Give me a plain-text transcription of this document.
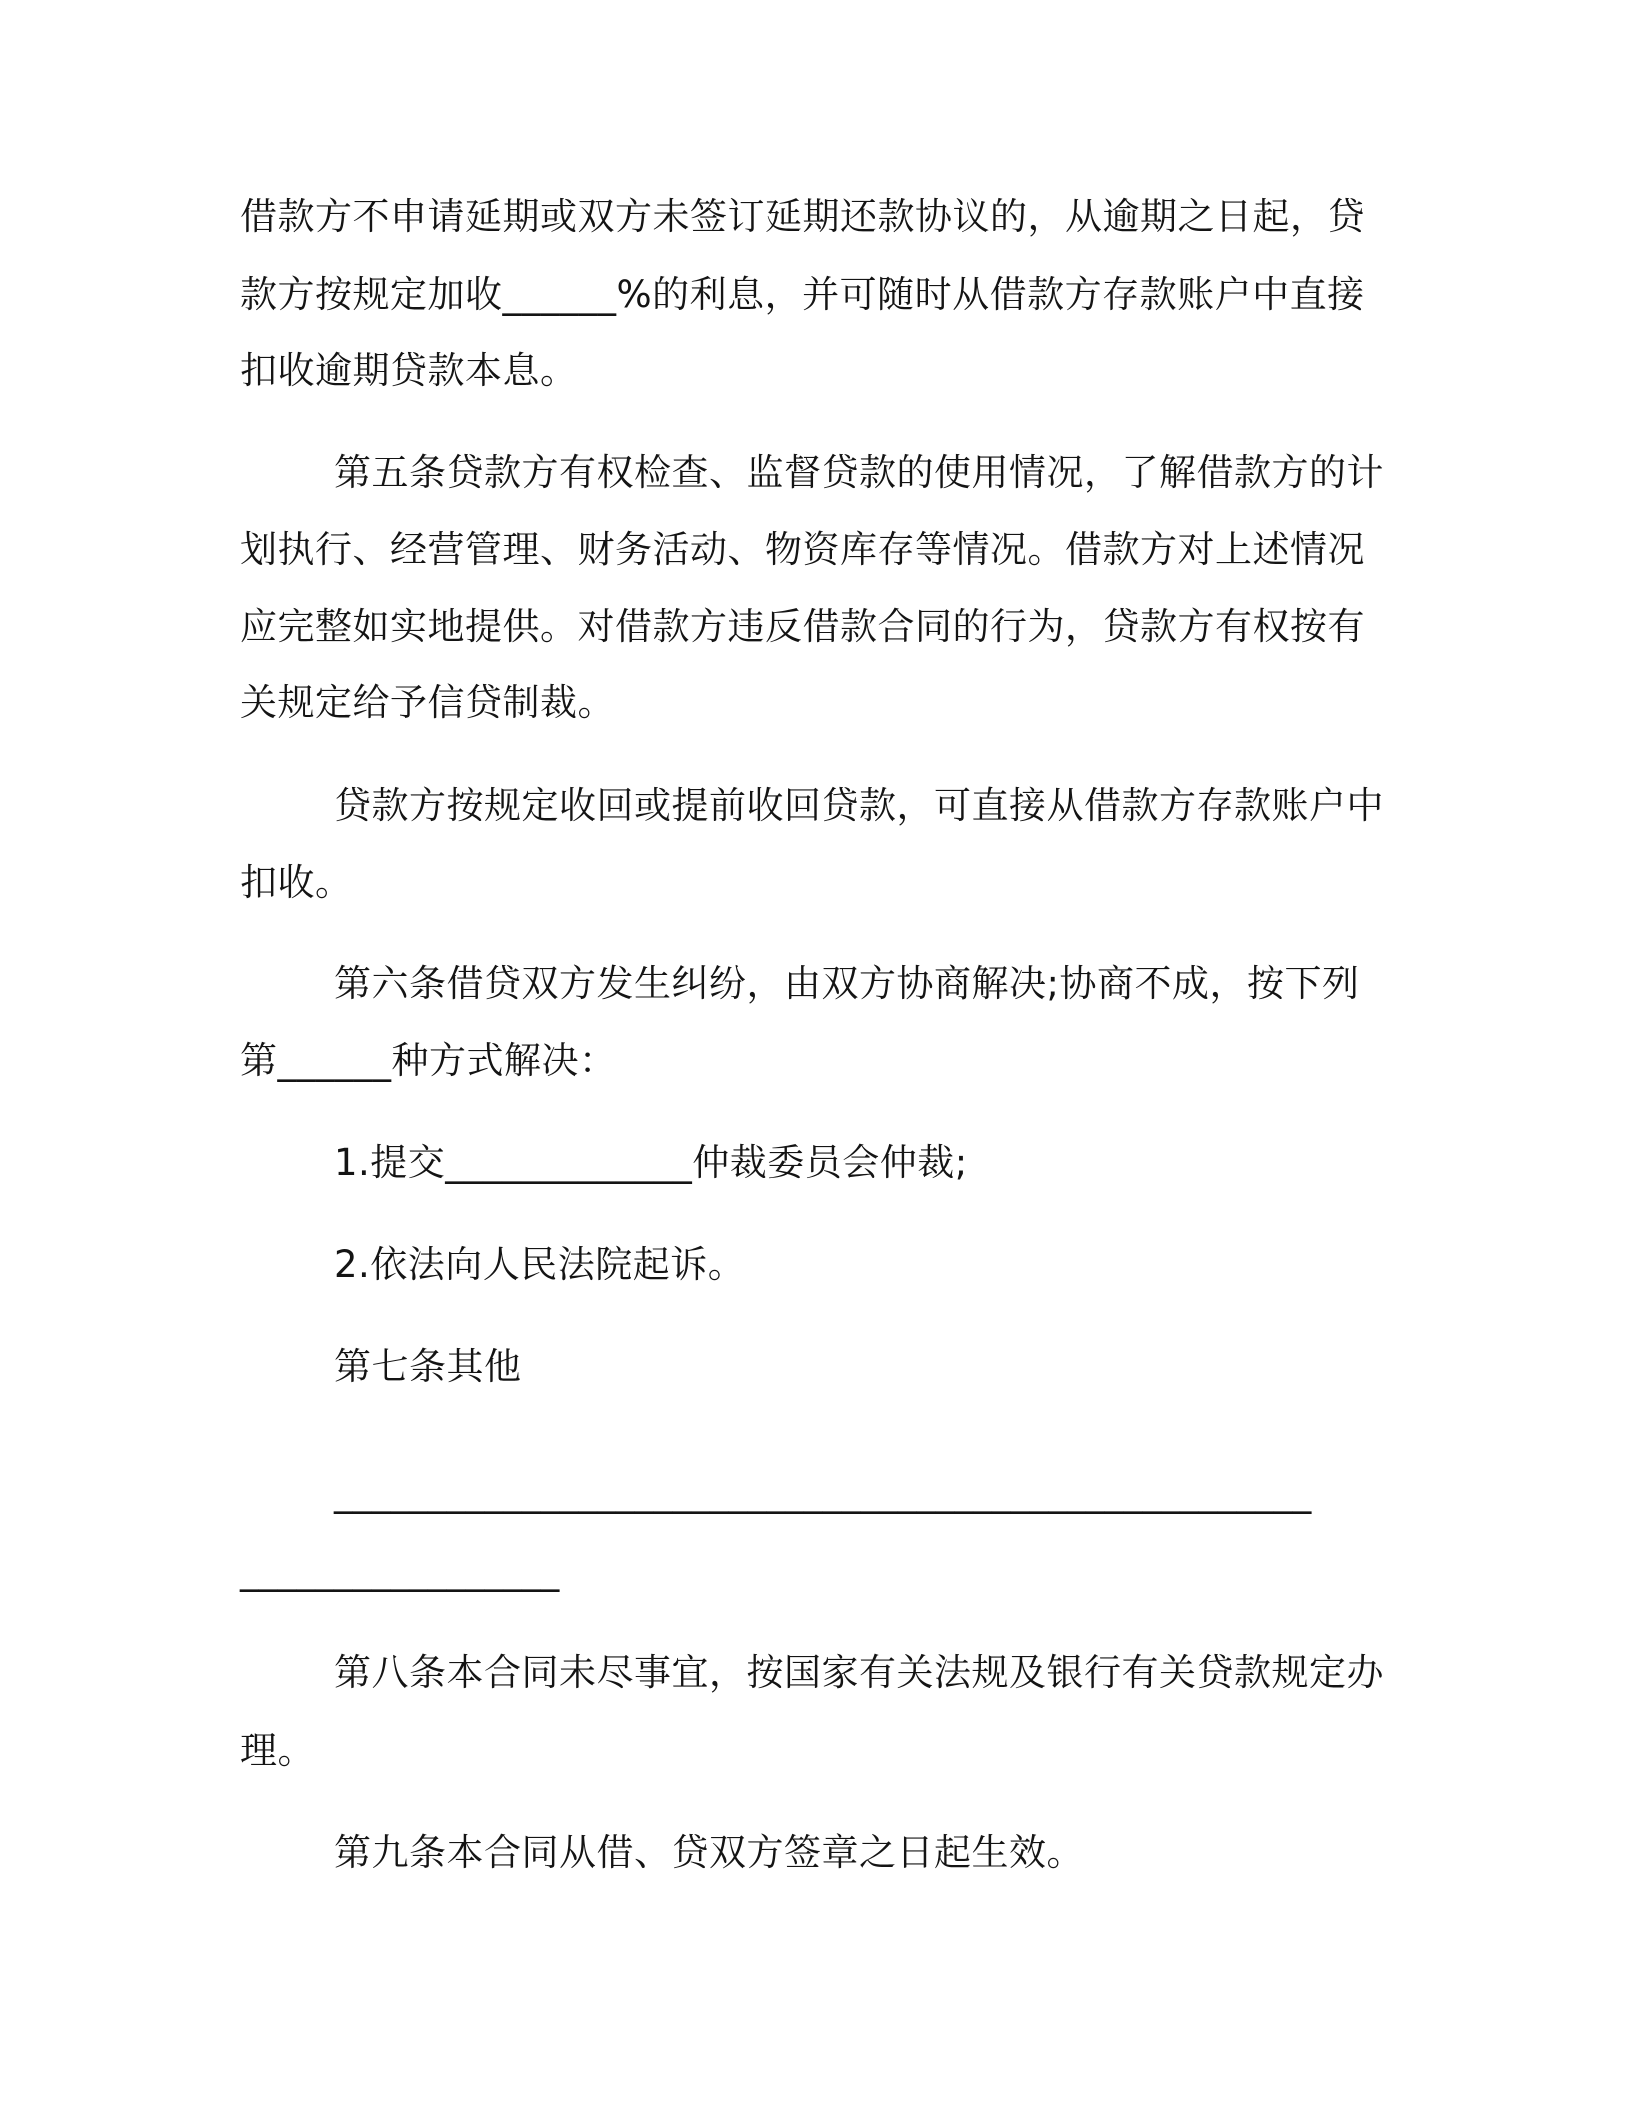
借款方不申请延期或双方未签订延期还款协议的，从逾期之日起，贷
款方按规定加收______%的利息，并可随时从借款方存款账户中直接
扣收逾期贷款本息。
第五条贷款方有权检查、监督贷款的使用情况，了解借款方的计
划执行、经营管理、财务活动、物资库存等情况。借款方对上述情况
应完整如实地提供。对借款方违反借款合同的行为，贷款方有权按有
关规定给予信贷制裁。
贷款方按规定收回或提前收回贷款，可直接从借款方存款账户中
扣收。
第六条借贷双方发生纠纷，由双方协商解决;协商不成，按下列
第______种方式解决：
1.提交_____________仲裁委员会仲裁;
2.依法向人民法院起诉。
第七条其他
____________________________________________________
_________________
第八条本合同未尽事宜，按国家有关法规及银行有关贷款规定办
理。
第九条本合同从借、贷双方签章之日起生效。
